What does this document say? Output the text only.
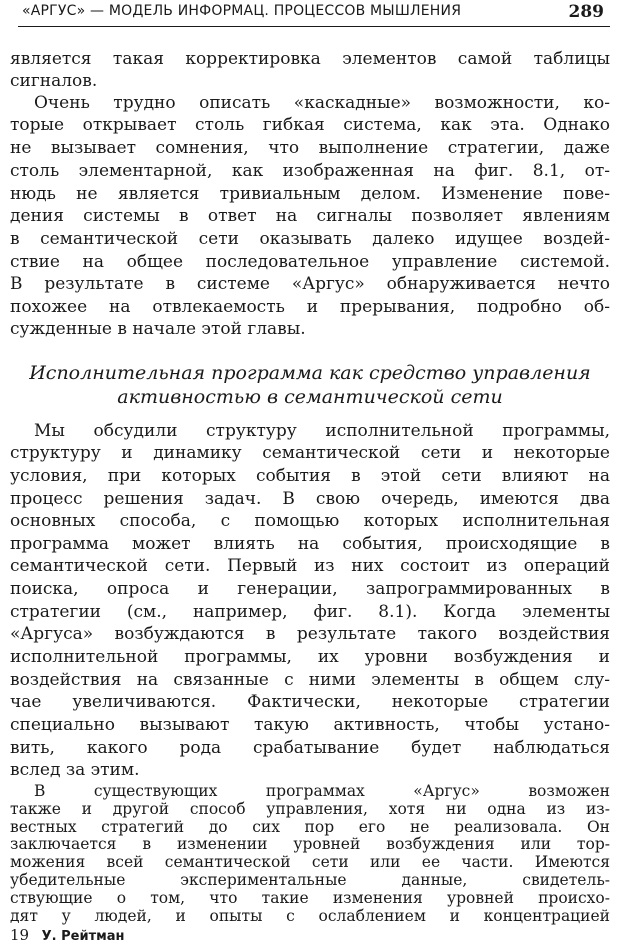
«АРГУС» — МОДЕЛЬ ИНФОРМАЦ. ПРОЦЕССОВ МЫШЛЕНИЯ	289
является такая корректировка элементов самой таблицы
сигналов.
Очень трудно описать «каскадные» возможности, ко-
торые открывает столь гибкая система, как эта. Однако
не вызывает сомнения, что выполнение стратегии, даже
столь элементарной, как изображенная на фиг. 8.1, от-
нюдь не является тривиальным делом. Изменение пове-
дения системы в ответ на сигналы позволяет явлениям
в семантической сети оказывать далеко идущее воздей-
ствие на общее последовательное управление системой.
В результате в системе «Аргус» обнаруживается нечто
похожее на отвлекаемость и прерывания, подробно об-
сужденные в начале этой главы.
Исполнительная программа как средство управления
активностью в семантической сети
Мы обсудили структуру исполнительной программы,
структуру и динамику семантической сети и некоторые
условия, при которых события в этой сети влияют на
процесс решения задач. В свою очередь, имеются два
основных способа, с помощью которых исполнительная
программа может влиять на события, происходящие в
семантической сети. Первый из них состоит из операций
поиска, опроса и генерации, запрограммированных в
стратегии (см., например, фиг. 8.1). Когда элементы
«Аргуса» возбуждаются в результате такого воздействия
исполнительной программы, их уровни возбуждения и
воздействия на связанные с ними элементы в общем слу-
чае увеличиваются. Фактически, некоторые стратегии
специально вызывают такую активность, чтобы устано-
вить, какого рода срабатывание будет наблюдаться
вслед за этим.
В существующих программах «Аргус» возможен
также и другой способ управления, хотя ни одна из из-
вестных стратегий до сих пор его не реализовала. Он
заключается в изменении уровней возбуждения или тор-
можения всей семантической сети или ее части. Имеются
убедительные экспериментальные данные, свидетель-
ствующие о том, что такие изменения уровней происхо-
дят у людей, и опыты с ослаблением и концентрацией
19 У. Рейтман
